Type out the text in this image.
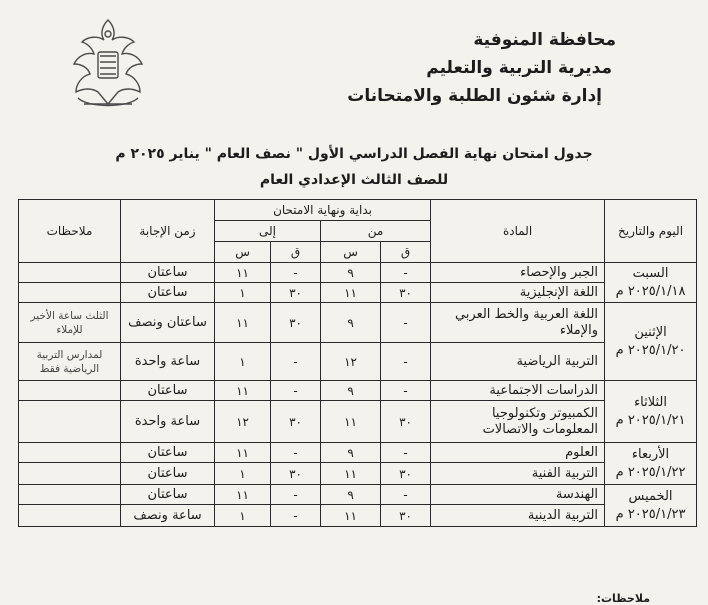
محافظة المنوفية
مديرية التربية والتعليم
إدارة شئون الطلبة والامتحانات
جدول امتحان نهاية الفصل الدراسي الأول " نصف العام " يناير ٢٠٢٥ م
للصف الثالث الإعدادي العام
اليوم والتاريخ	المادة	بداية ونهاية الامتحان				زمن الإجابة	ملاحظات
		من		إلى			
		ق	س	ق	س		

السبت
٢٠٢٥/١/١٨ م	الجبر والإحصاء	-	٩	-	١١	ساعتان	
	اللغة الإنجليزية	٣٠	١١	٣٠	١	ساعتان	

الإثنين
٢٠٢٥/١/٢٠ م	اللغة العربية والخط العربي والإملاء	-	٩	٣٠	١١	ساعتان ونصف	الثلث ساعة الأخير للإملاء
	التربية الرياضية	-	١٢	-	١	ساعة واحدة	لمدارس التربية الرياضية فقط

الثلاثاء
٢٠٢٥/١/٢١ م	الدراسات الاجتماعية	-	٩	-	١١	ساعتان	
	الكمبيوتر وتكنولوجيا المعلومات والاتصالات	٣٠	١١	٣٠	١٢	ساعة واحدة	

الأربعاء
٢٠٢٥/١/٢٢ م	العلوم	-	٩	-	١١	ساعتان	
	التربية الفنية	٣٠	١١	٣٠	١	ساعتان	

الخميس
٢٠٢٥/١/٢٣ م	الهندسة	-	٩	-	١١	ساعتان	
	التربية الدينية	٣٠	١١	-	١	ساعة ونصف	
ملاحظات:
